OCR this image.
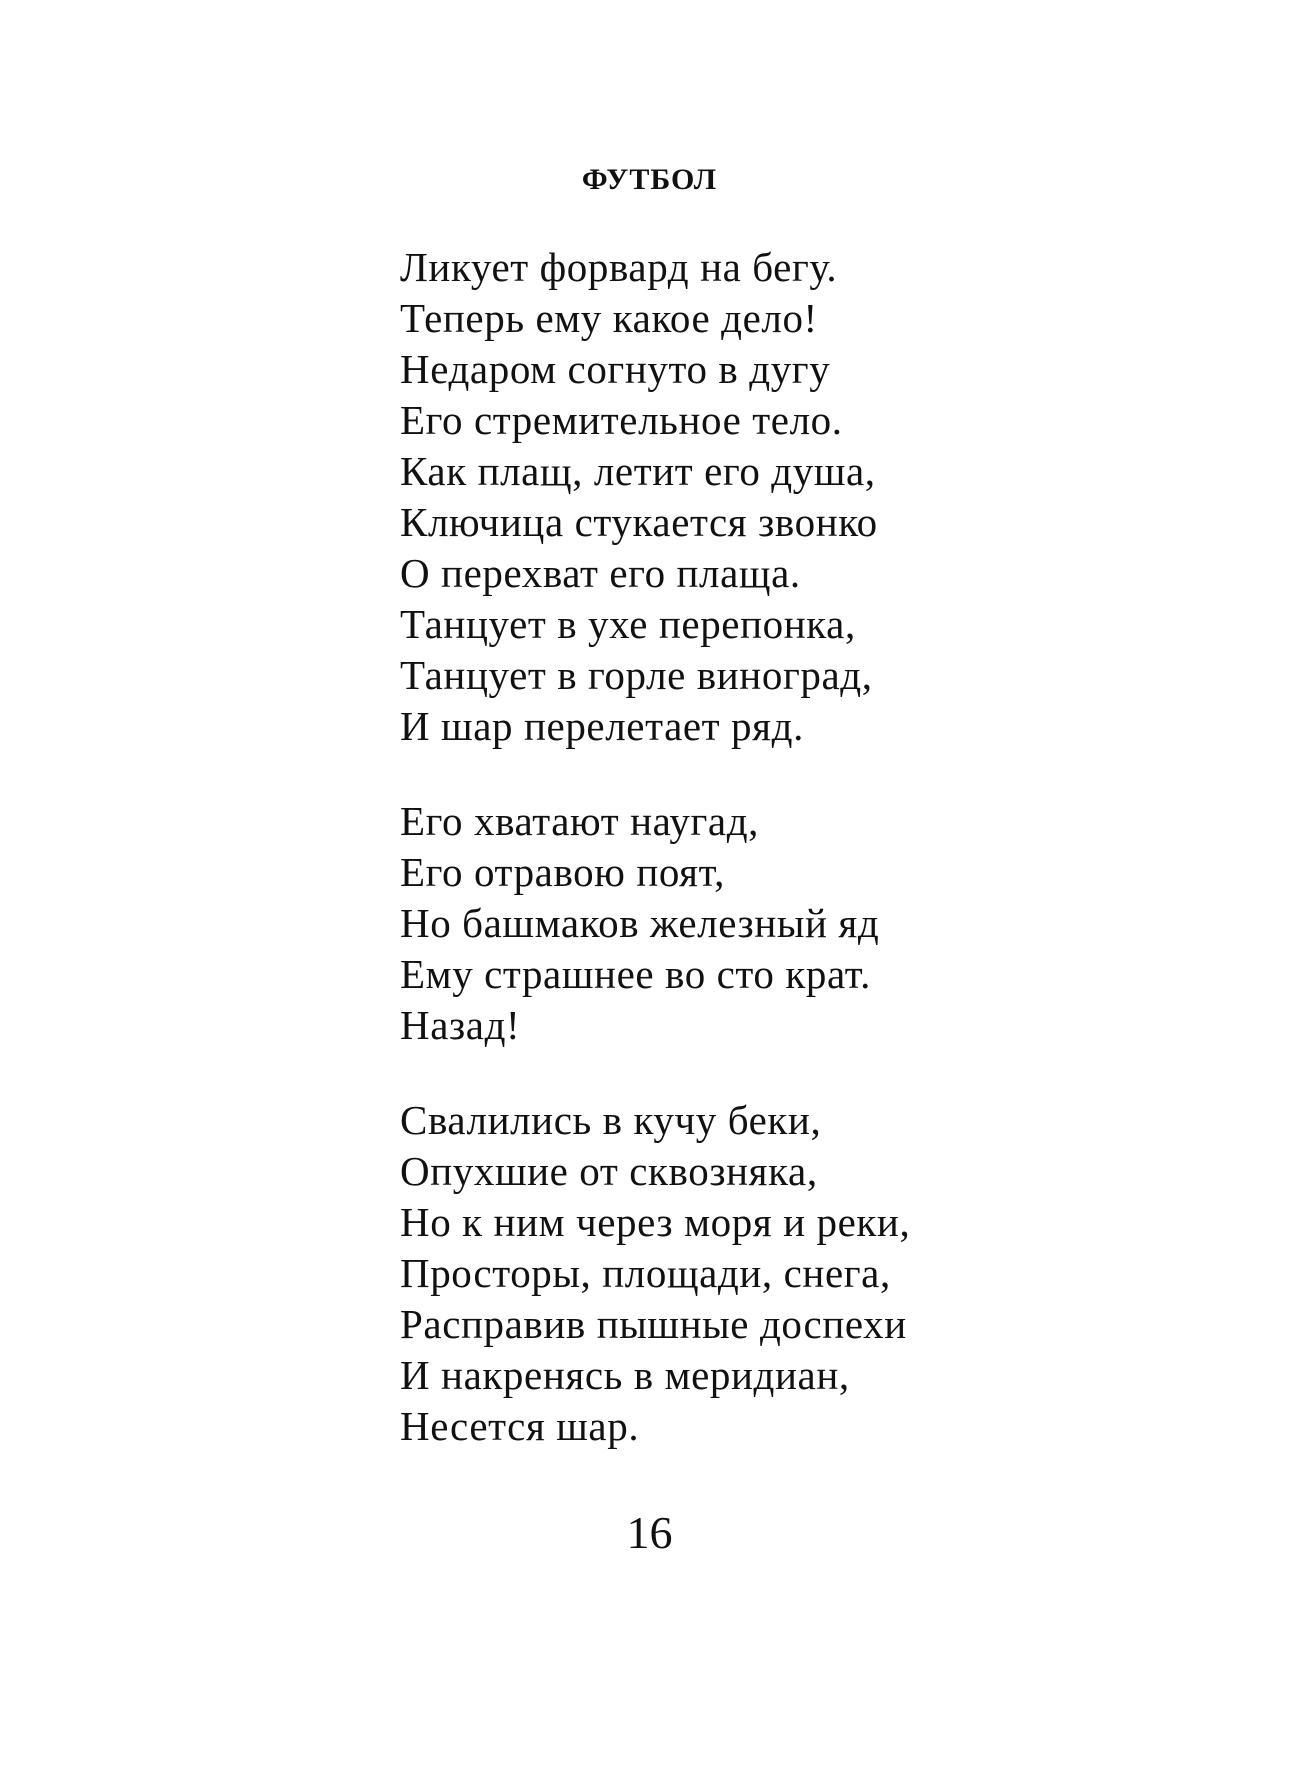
ФУТБОЛ
Ликует форвард на бегу.
Теперь ему какое дело!
Недаром согнуто в дугу
Его стремительное тело.
Как плащ, летит его душа,
Ключица стукается звонко
О перехват его плаща.
Танцует в ухе перепонка,
Танцует в горле виноград,
И шар перелетает ряд.
Его хватают наугад,
Его отравою поят,
Но башмаков железный яд
Ему страшнее во сто крат.
Назад!
Свалились в кучу беки,
Опухшие от сквозняка,
Но к ним через моря и реки,
Просторы, площади, снега,
Расправив пышные доспехи
И накренясь в меридиан,
Несется шар.
16
